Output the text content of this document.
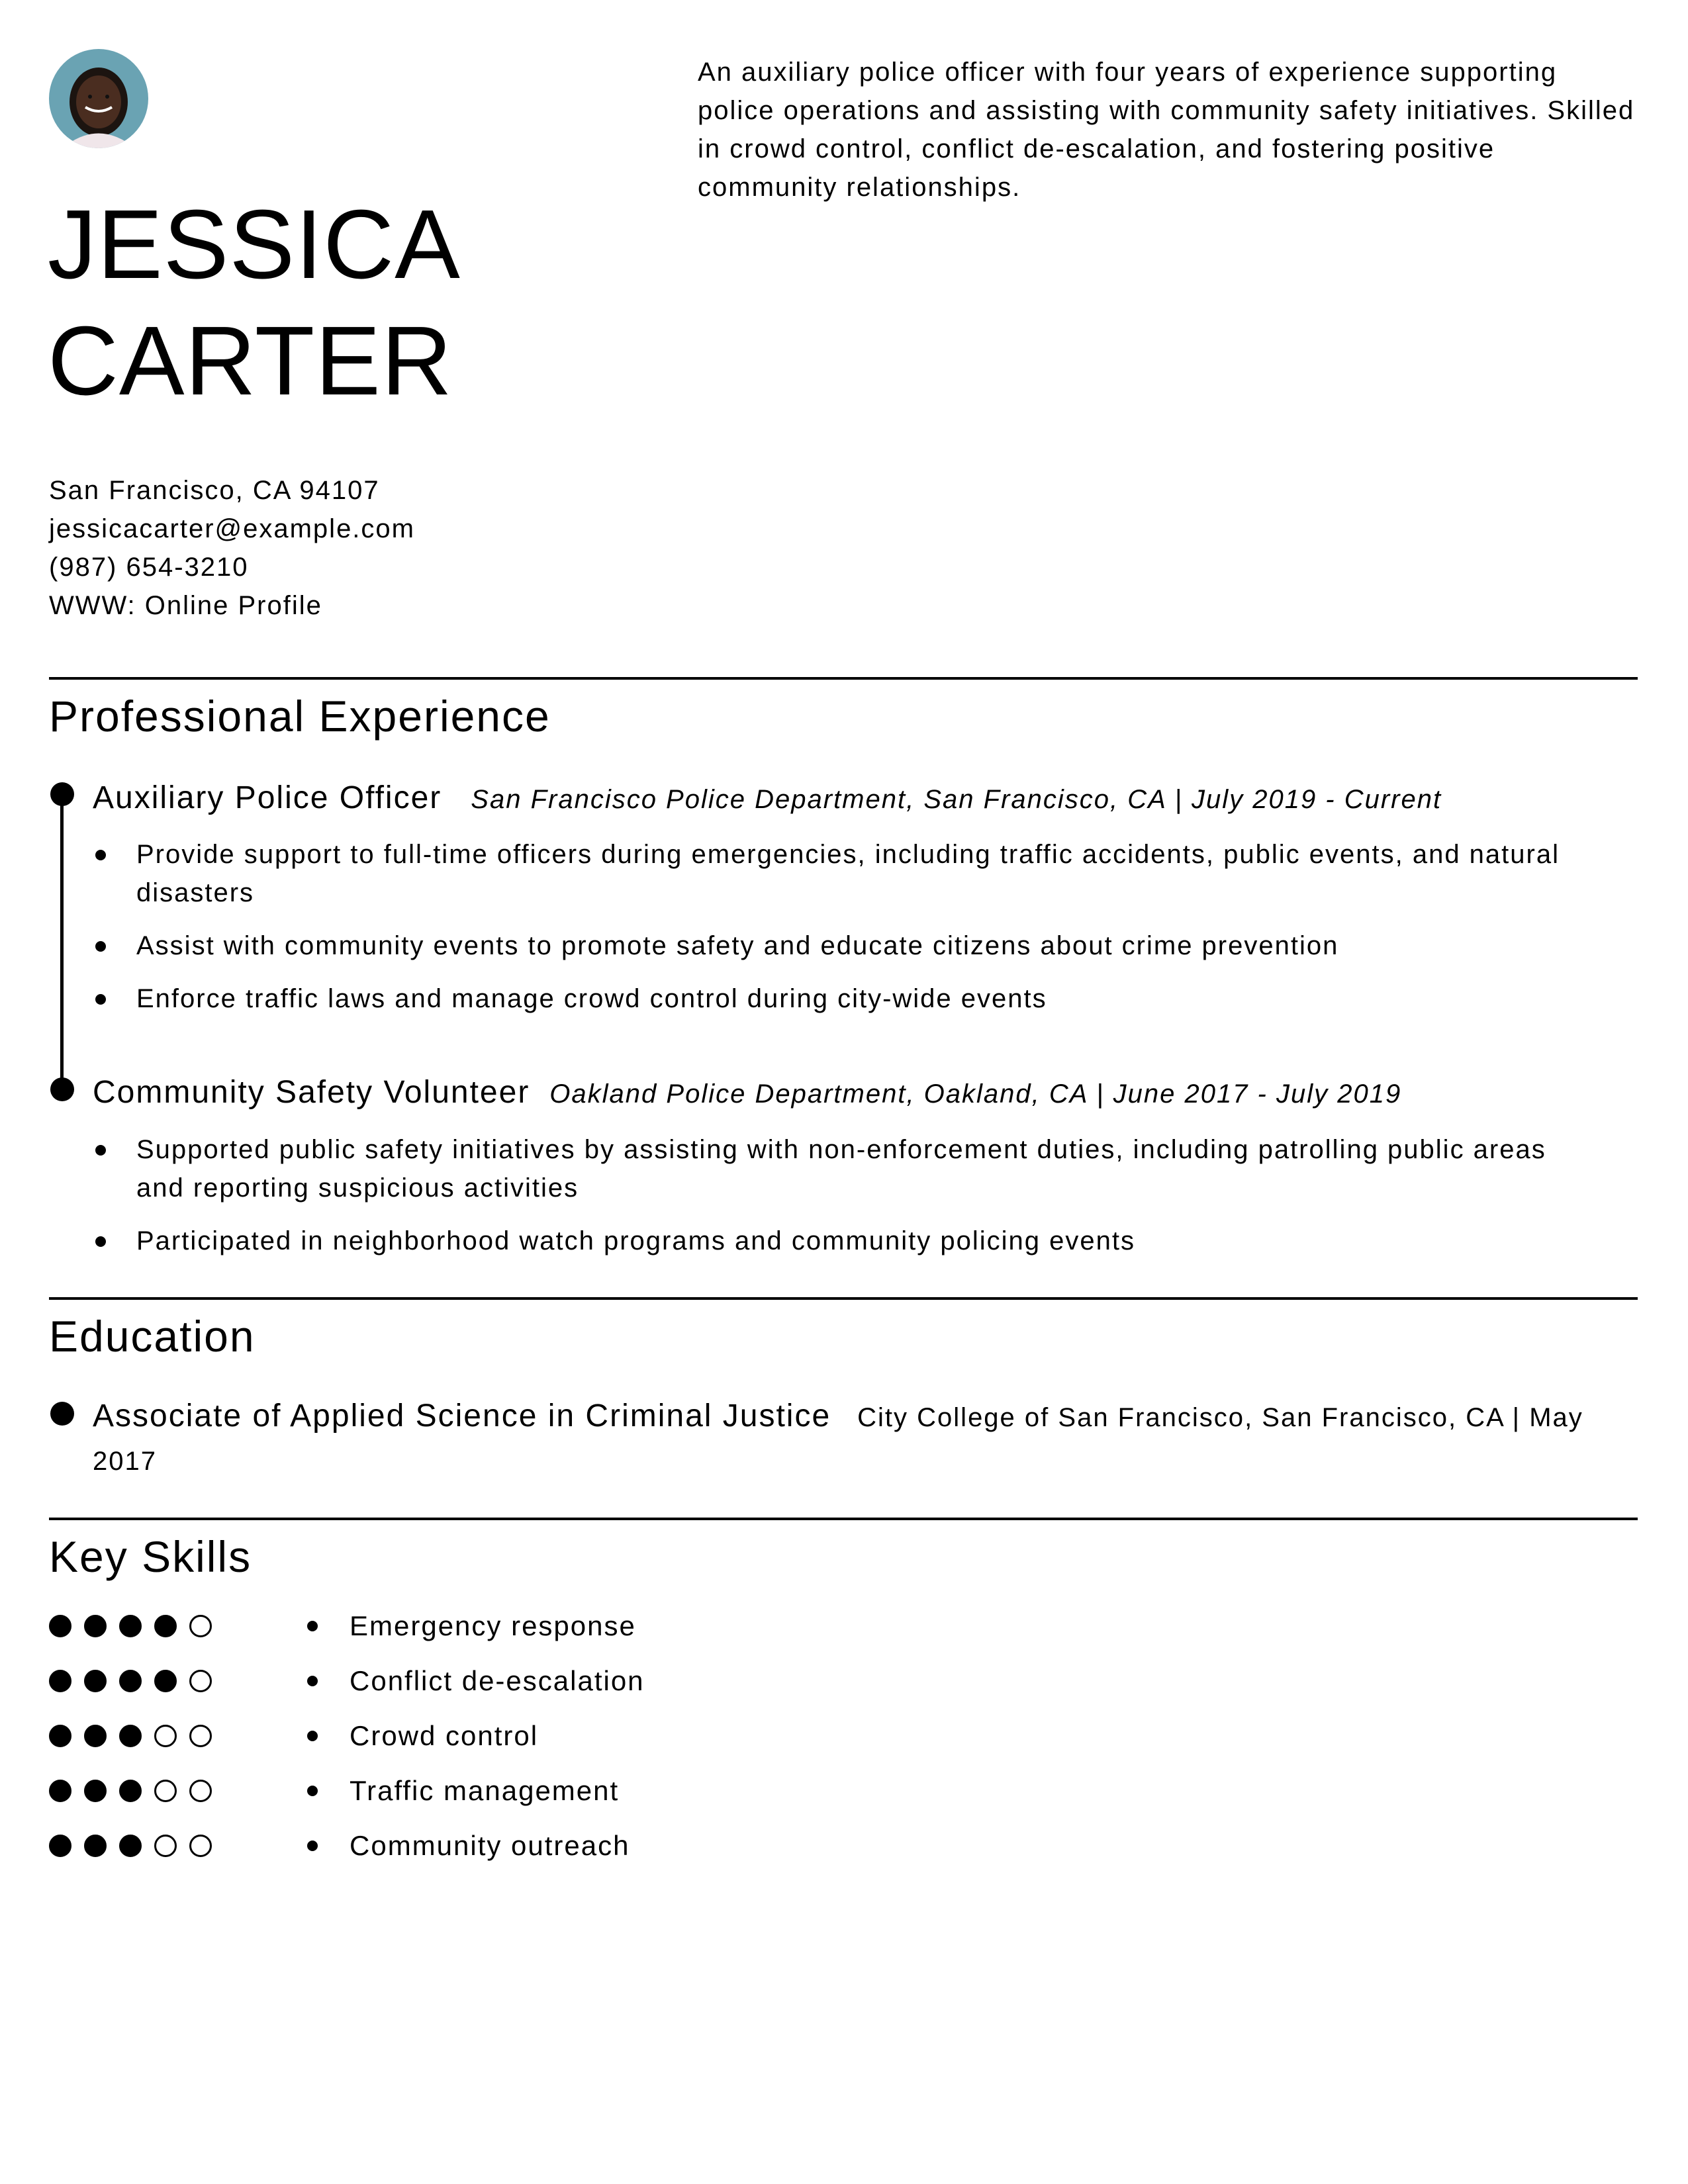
JESSICA
CARTER

An auxiliary police officer with four years of experience supporting police operations and assisting with community safety initiatives. Skilled in crowd control, conflict de-escalation, and fostering positive community relationships.

San Francisco, CA 94107
jessicacarter@example.com
(987) 654-3210
WWW: Online Profile
Professional Experience
Auxiliary Police Officer San Francisco Police Department, San Francisco, CA | July 2019 - Current
Provide support to full-time officers during emergencies, including traffic accidents, public events, and natural disasters
Assist with community events to promote safety and educate citizens about crime prevention
Enforce traffic laws and manage crowd control during city-wide events
Community Safety Volunteer Oakland Police Department, Oakland, CA | June 2017 - July 2019
Supported public safety initiatives by assisting with non-enforcement duties, including patrolling public areas and reporting suspicious activities
Participated in neighborhood watch programs and community policing events
Education
Associate of Applied Science in Criminal Justice City College of San Francisco, San Francisco, CA | May 2017
Key Skills
Emergency response
Conflict de-escalation
Crowd control
Traffic management
Community outreach
